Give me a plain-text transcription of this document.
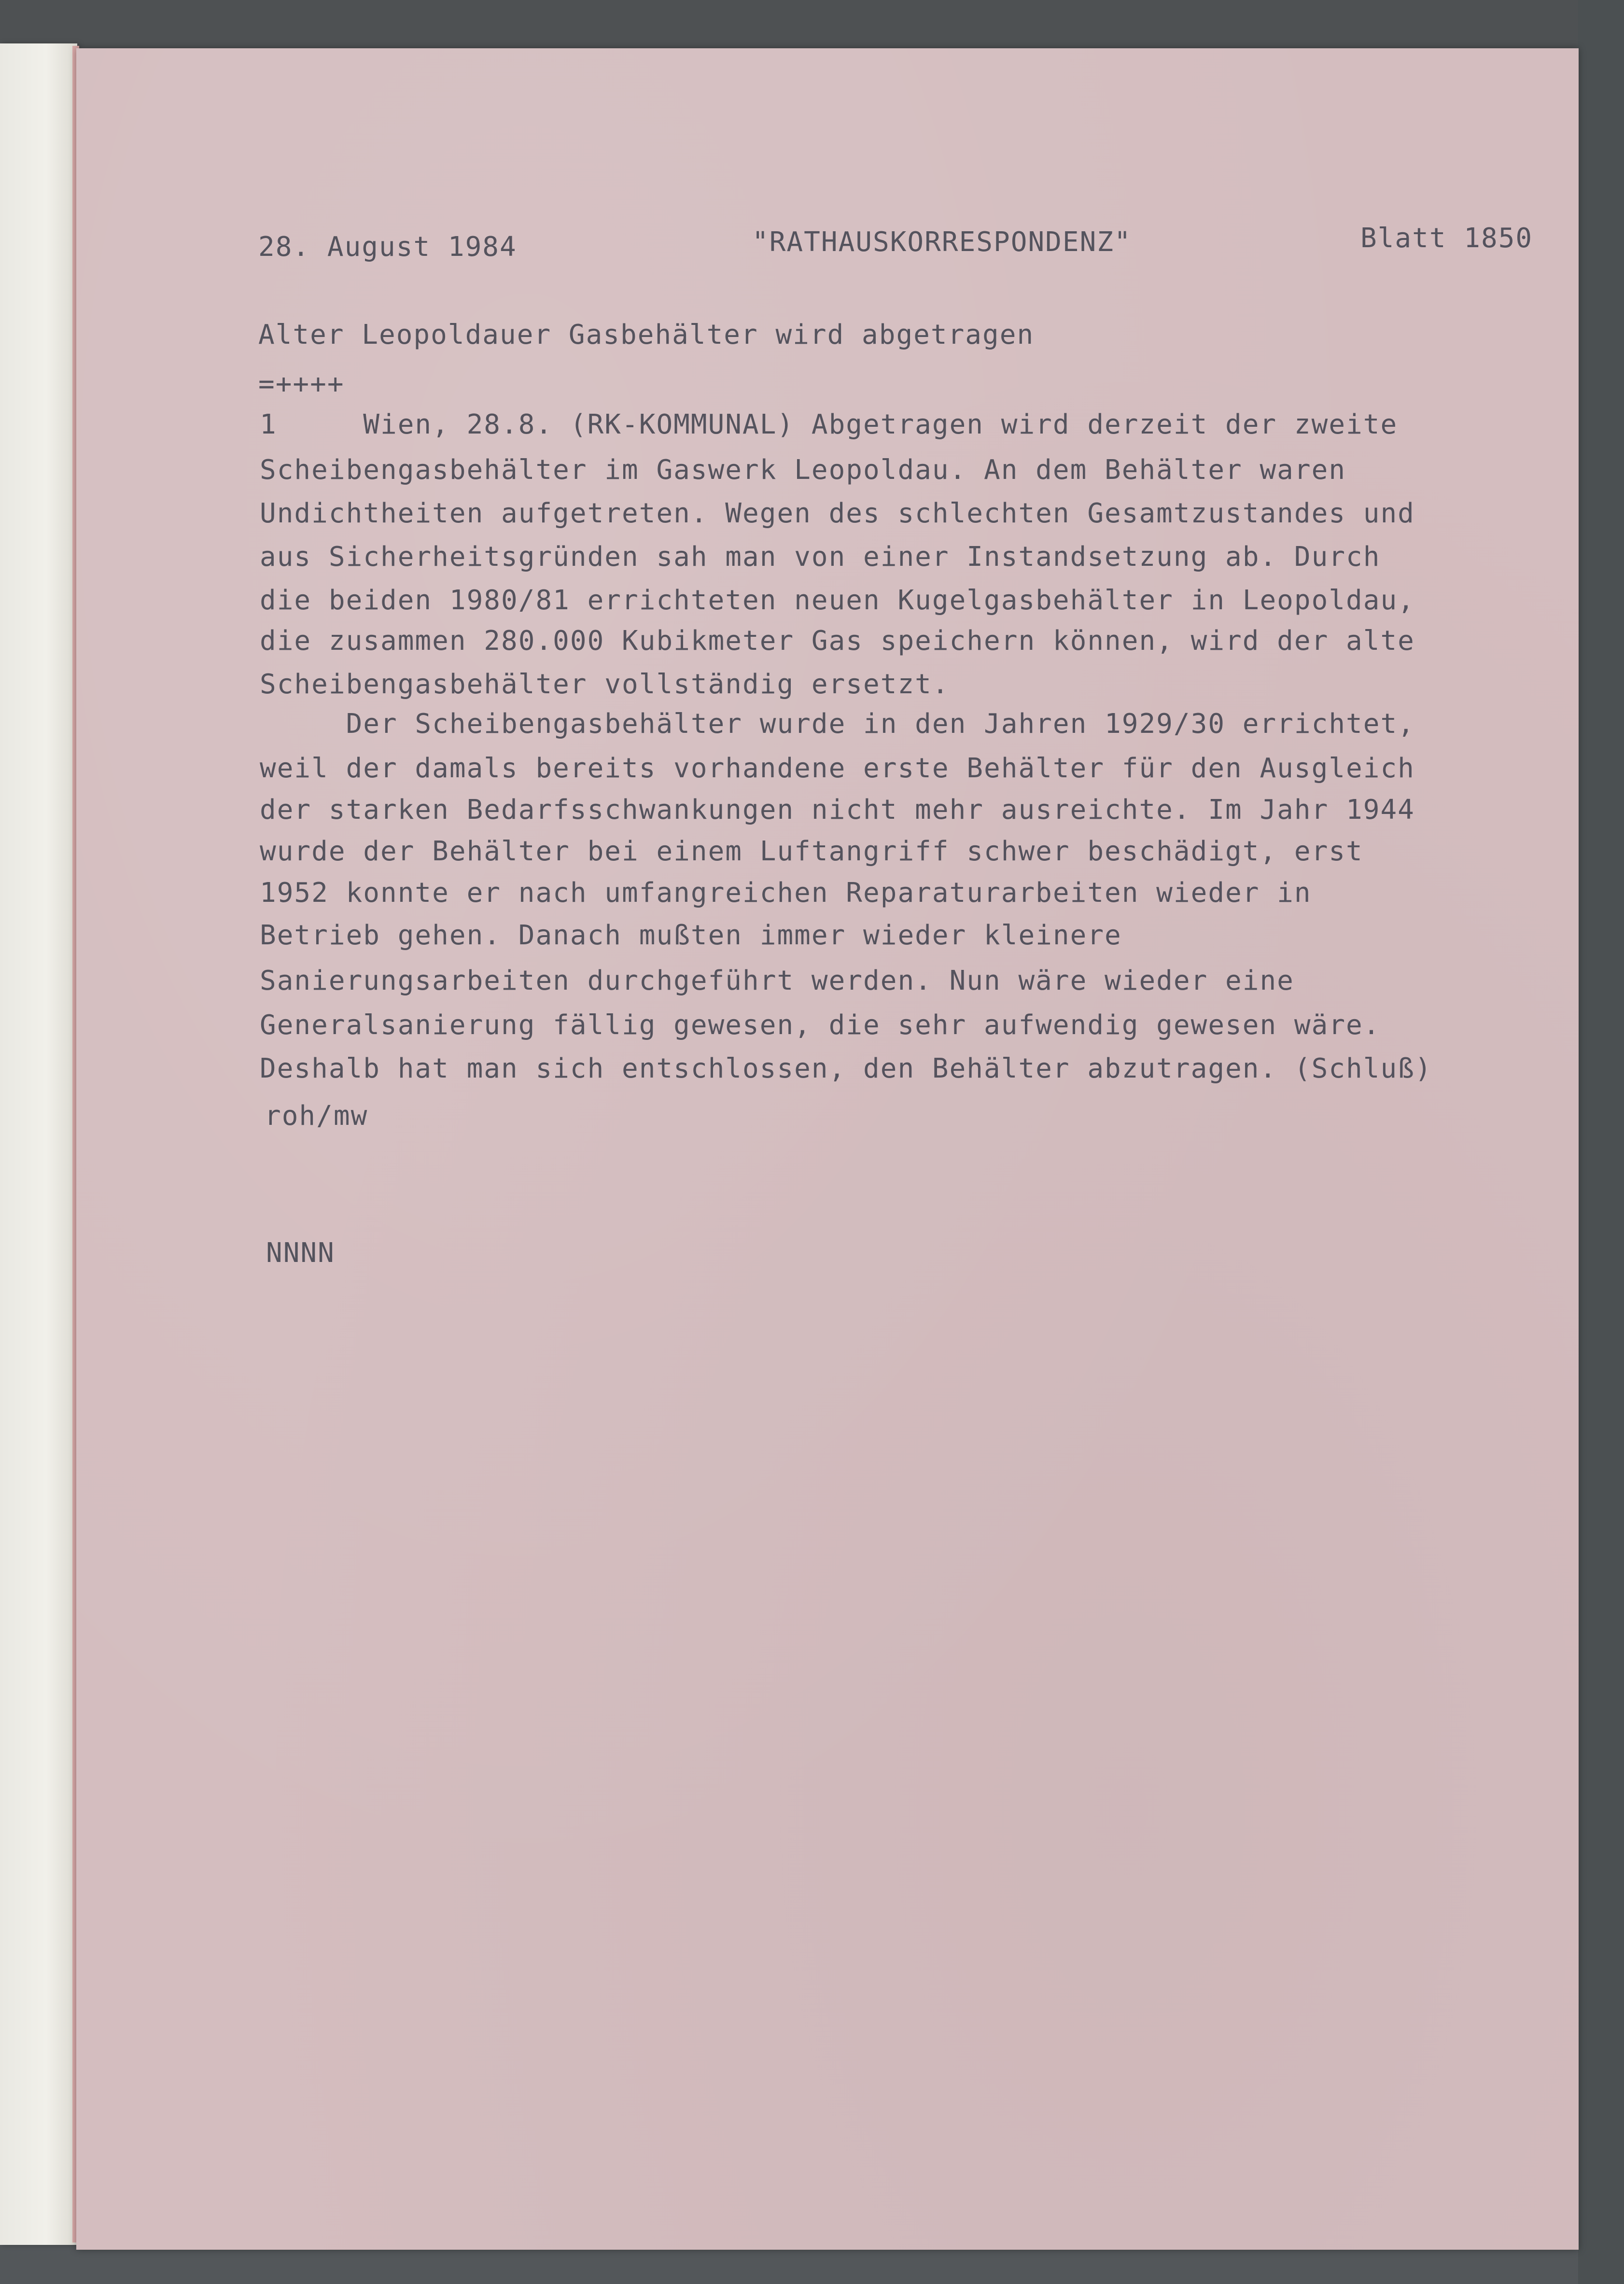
28. August 1984	"RATHAUSKORRESPONDENZ"	Blatt 1850
Alter Leopoldauer Gasbehälter wird abgetragen
=++++
1     Wien, 28.8. (RK-KOMMUNAL) Abgetragen wird derzeit der zweite
Scheibengasbehälter im Gaswerk Leopoldau. An dem Behälter waren
Undichtheiten aufgetreten. Wegen des schlechten Gesamtzustandes und
aus Sicherheitsgründen sah man von einer Instandsetzung ab. Durch
die beiden 1980/81 errichteten neuen Kugelgasbehälter in Leopoldau,
die zusammen 280.000 Kubikmeter Gas speichern können, wird der alte
Scheibengasbehälter vollständig ersetzt.
Der Scheibengasbehälter wurde in den Jahren 1929/30 errichtet,
weil der damals bereits vorhandene erste Behälter für den Ausgleich
der starken Bedarfsschwankungen nicht mehr ausreichte. Im Jahr 1944
wurde der Behälter bei einem Luftangriff schwer beschädigt, erst
1952 konnte er nach umfangreichen Reparaturarbeiten wieder in
Betrieb gehen. Danach mußten immer wieder kleinere
Sanierungsarbeiten durchgeführt werden. Nun wäre wieder eine
Generalsanierung fällig gewesen, die sehr aufwendig gewesen wäre.
Deshalb hat man sich entschlossen, den Behälter abzutragen. (Schluß)
roh/mw
NNNN
